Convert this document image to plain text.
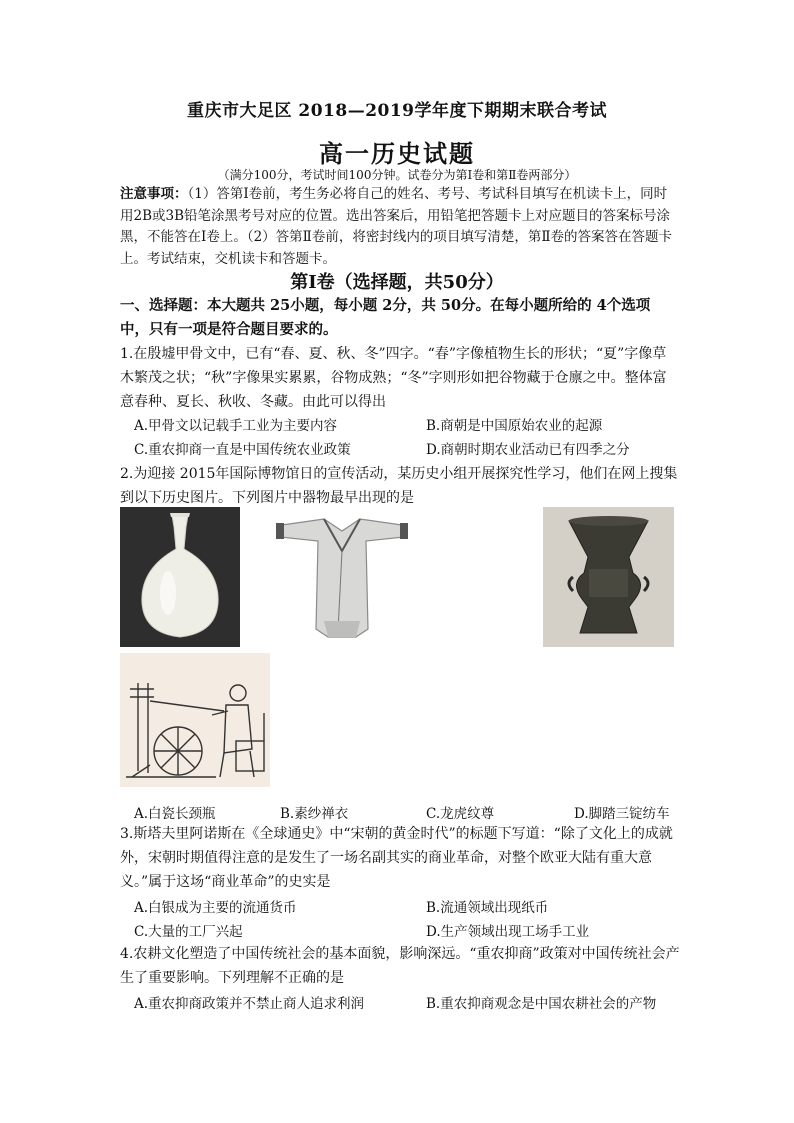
重庆市大足区 2018—2019学年度下期期末联合考试
高一历史试题
（满分100分，考试时间100分钟。试卷分为第Ⅰ卷和第Ⅱ卷两部分）
注意事项：（1）答第Ⅰ卷前，考生务必将自己的姓名、考号、考试科目填写在机读卡上，同时用2B或3B铅笔涂黑考号对应的位置。选出答案后，用铅笔把答题卡上对应题目的答案标号涂黑，不能答在Ⅰ卷上。（2）答第Ⅱ卷前，将密封线内的项目填写清楚，第Ⅱ卷的答案答在答题卡上。考试结束，交机读卡和答题卡。
第Ⅰ卷（选择题，共50分）
一、选择题：本大题共 25小题，每小题 2分，共 50分。在每小题所给的 4个选项中，只有一项是符合题目要求的。
1.在殷墟甲骨文中，已有“春、夏、秋、冬”四字。“春”字像植物生长的形状；“夏”字像草木繁茂之状；“秋”字像果实累累，谷物成熟；“冬”字则形如把谷物藏于仓廪之中。整体富意春种、夏长、秋收、冬藏。由此可以得出
A.甲骨文以记载手工业为主要内容	B.商朝是中国原始农业的起源
C.重农抑商一直是中国传统农业政策	D.商朝时期农业活动已有四季之分
2.为迎接 2015年国际博物馆日的宣传活动，某历史小组开展探究性学习，他们在网上搜集到以下历史图片。下列图片中器物最早出现的是
A.白瓷长颈瓶	B.素纱禅衣	C.龙虎纹尊	D.脚踏三锭纺车
3.斯塔夫里阿诺斯在《全球通史》中“宋朝的黄金时代”的标题下写道：“除了文化上的成就外，宋朝时期值得注意的是发生了一场名副其实的商业革命，对整个欧亚大陆有重大意义。”属于这场“商业革命”的史实是
A.白银成为主要的流通货币	B.流通领域出现纸币
C.大量的工厂兴起	D.生产领域出现工场手工业
4.农耕文化塑造了中国传统社会的基本面貌，影响深远。“重农抑商”政策对中国传统社会产生了重要影响。下列理解不正确的是
A.重农抑商政策并不禁止商人追求利润	B.重农抑商观念是中国农耕社会的产物
